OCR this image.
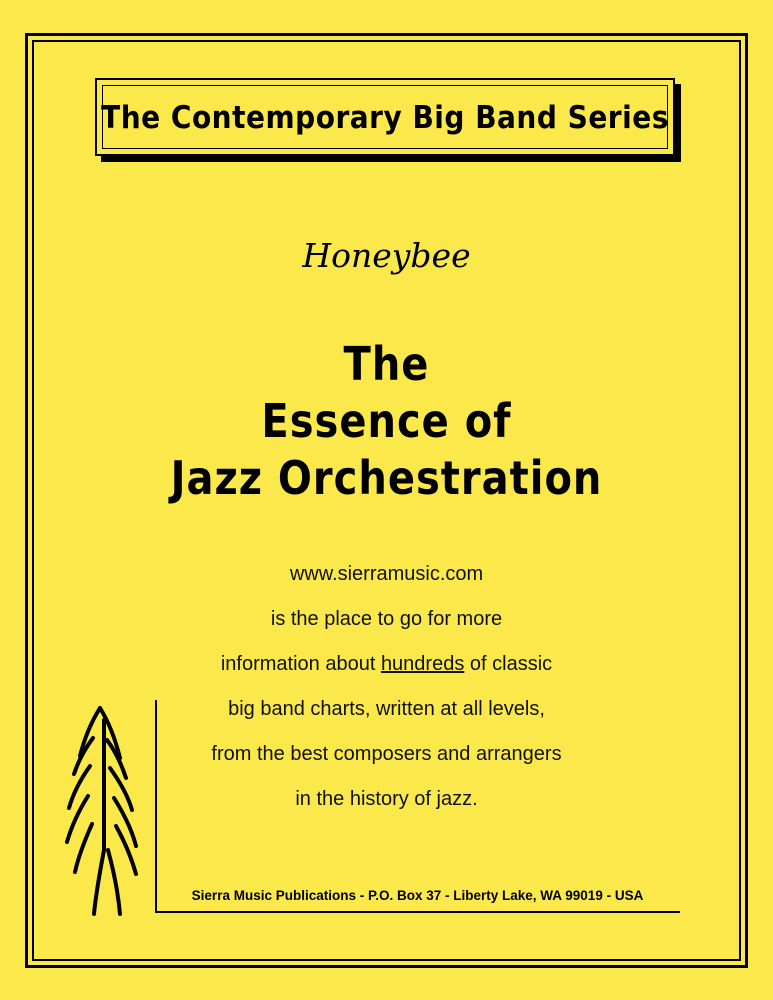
The Contemporary Big Band Series
Honeybee
The
Essence of
Jazz Orchestration
www.sierramusic.com
is the place to go for more
information about hundreds of classic
big band charts, written at all levels,
from the best composers and arrangers
in the history of jazz.
Sierra Music Publications - P.O. Box 37 - Liberty Lake, WA 99019 - USA
